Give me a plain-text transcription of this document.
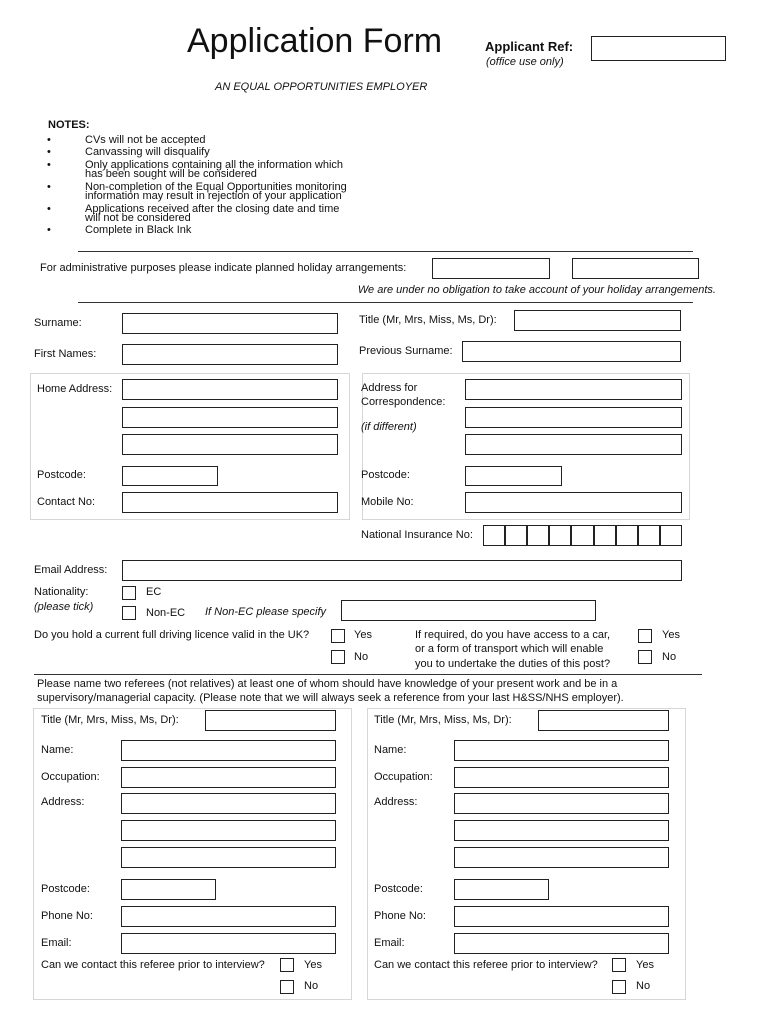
Application Form	Applicant Ref:
(office use only)
AN EQUAL OPPORTUNITIES EMPLOYER
NOTES:
•	CVs will not be accepted
•	Canvassing will disqualify
•	Only applications containing all the information which
has been sought will be considered
•	Non-completion of the Equal Opportunities monitoring
information may result in rejection of your application
•	Applications received after the closing date and time
will not be considered
•	Complete in Black Ink
For administrative purposes please indicate planned holiday arrangements:
We are under no obligation to take account of your holiday arrangements.
Surname:
First Names:
Title (Mr, Mrs, Miss, Ms, Dr):
Previous Surname:
Home Address:
Postcode:
Contact No:
Address for
Correspondence:
(if different)
Postcode:
Mobile No:
National Insurance No:
Email Address:
Nationality:
(please tick)
EC
Non-EC If Non-EC please specify
Do you hold a current full driving licence valid in the UK?	Yes
No
If required, do you have access to a car,
or a form of transport which will enable
you to undertake the duties of this post?
Yes
No
Please name two referees (not relatives) at least one of whom should have knowledge of your present work and be in a
supervisory/managerial capacity. (Please note that we will always seek a reference from your last H&SS/NHS employer).
Title (Mr, Mrs, Miss, Ms, Dr):
Name:
Occupation:
Address:
Postcode:
Phone No:
Email:
Can we contact this referee prior to interview?	Yes
No
Title (Mr, Mrs, Miss, Ms, Dr):
Name:
Occupation:
Address:
Postcode:
Phone No:
Email:
Can we contact this referee prior to interview?	Yes
No
